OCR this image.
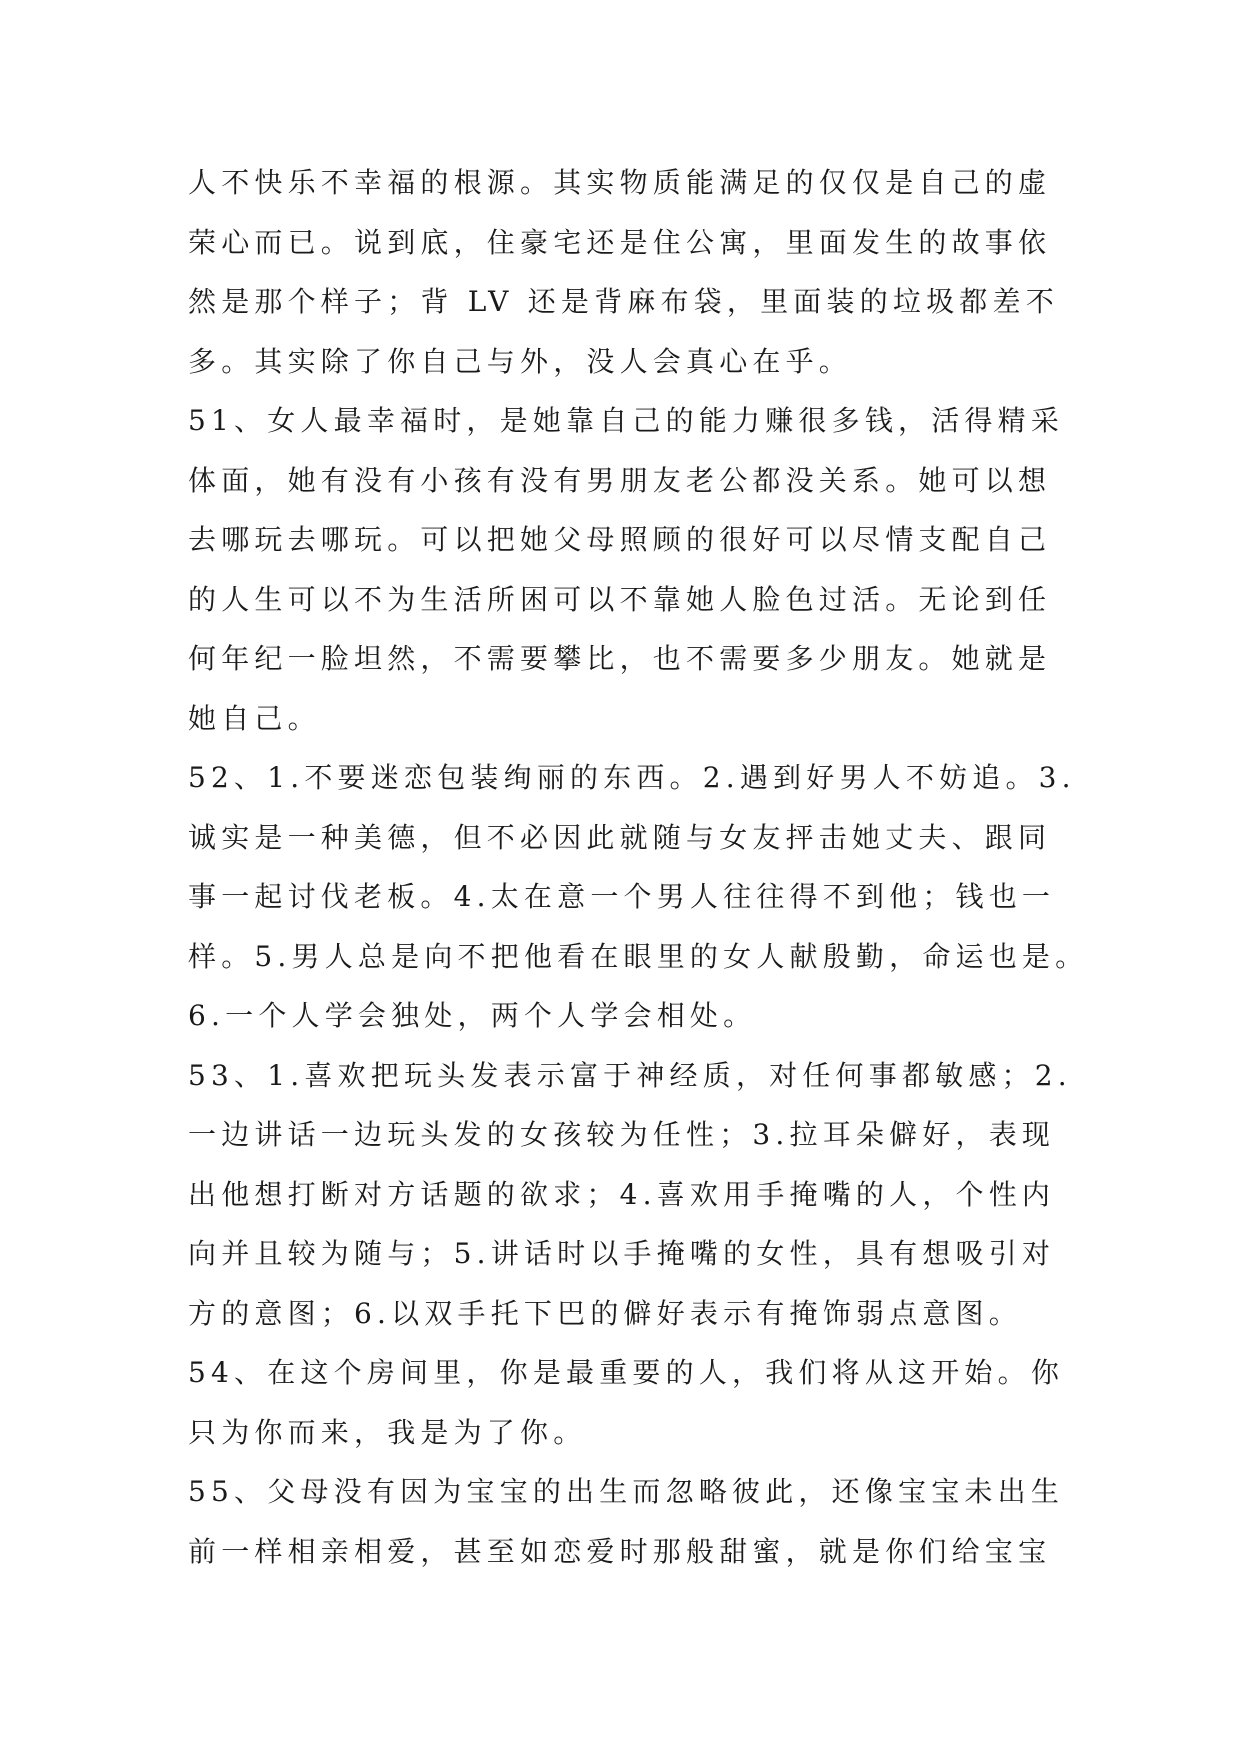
人不快乐不幸福的根源。其实物质能满足的仅仅是自己的虚
荣心而已。说到底，住豪宅还是住公寓，里面发生的故事依
然是那个样子；背 LV 还是背麻布袋，里面装的垃圾都差不
多。其实除了你自己与外，没人会真心在乎。
51、女人最幸福时，是她靠自己的能力赚很多钱，活得精采
体面，她有没有小孩有没有男朋友老公都没关系。她可以想
去哪玩去哪玩。可以把她父母照顾的很好可以尽情支配自己
的人生可以不为生活所困可以不靠她人脸色过活。无论到任
何年纪一脸坦然，不需要攀比，也不需要多少朋友。她就是
她自己。
52、1.不要迷恋包装绚丽的东西。2.遇到好男人不妨追。3.
诚实是一种美德，但不必因此就随与女友抨击她丈夫、跟同
事一起讨伐老板。4.太在意一个男人往往得不到他；钱也一
样。5.男人总是向不把他看在眼里的女人献殷勤，命运也是。
6.一个人学会独处，两个人学会相处。
53、1.喜欢把玩头发表示富于神经质，对任何事都敏感；2.
一边讲话一边玩头发的女孩较为任性；3.拉耳朵僻好，表现
出他想打断对方话题的欲求；4.喜欢用手掩嘴的人，个性内
向并且较为随与；5.讲话时以手掩嘴的女性，具有想吸引对
方的意图；6.以双手托下巴的僻好表示有掩饰弱点意图。
54、在这个房间里，你是最重要的人，我们将从这开始。你
只为你而来，我是为了你。
55、父母没有因为宝宝的出生而忽略彼此，还像宝宝未出生
前一样相亲相爱，甚至如恋爱时那般甜蜜，就是你们给宝宝
